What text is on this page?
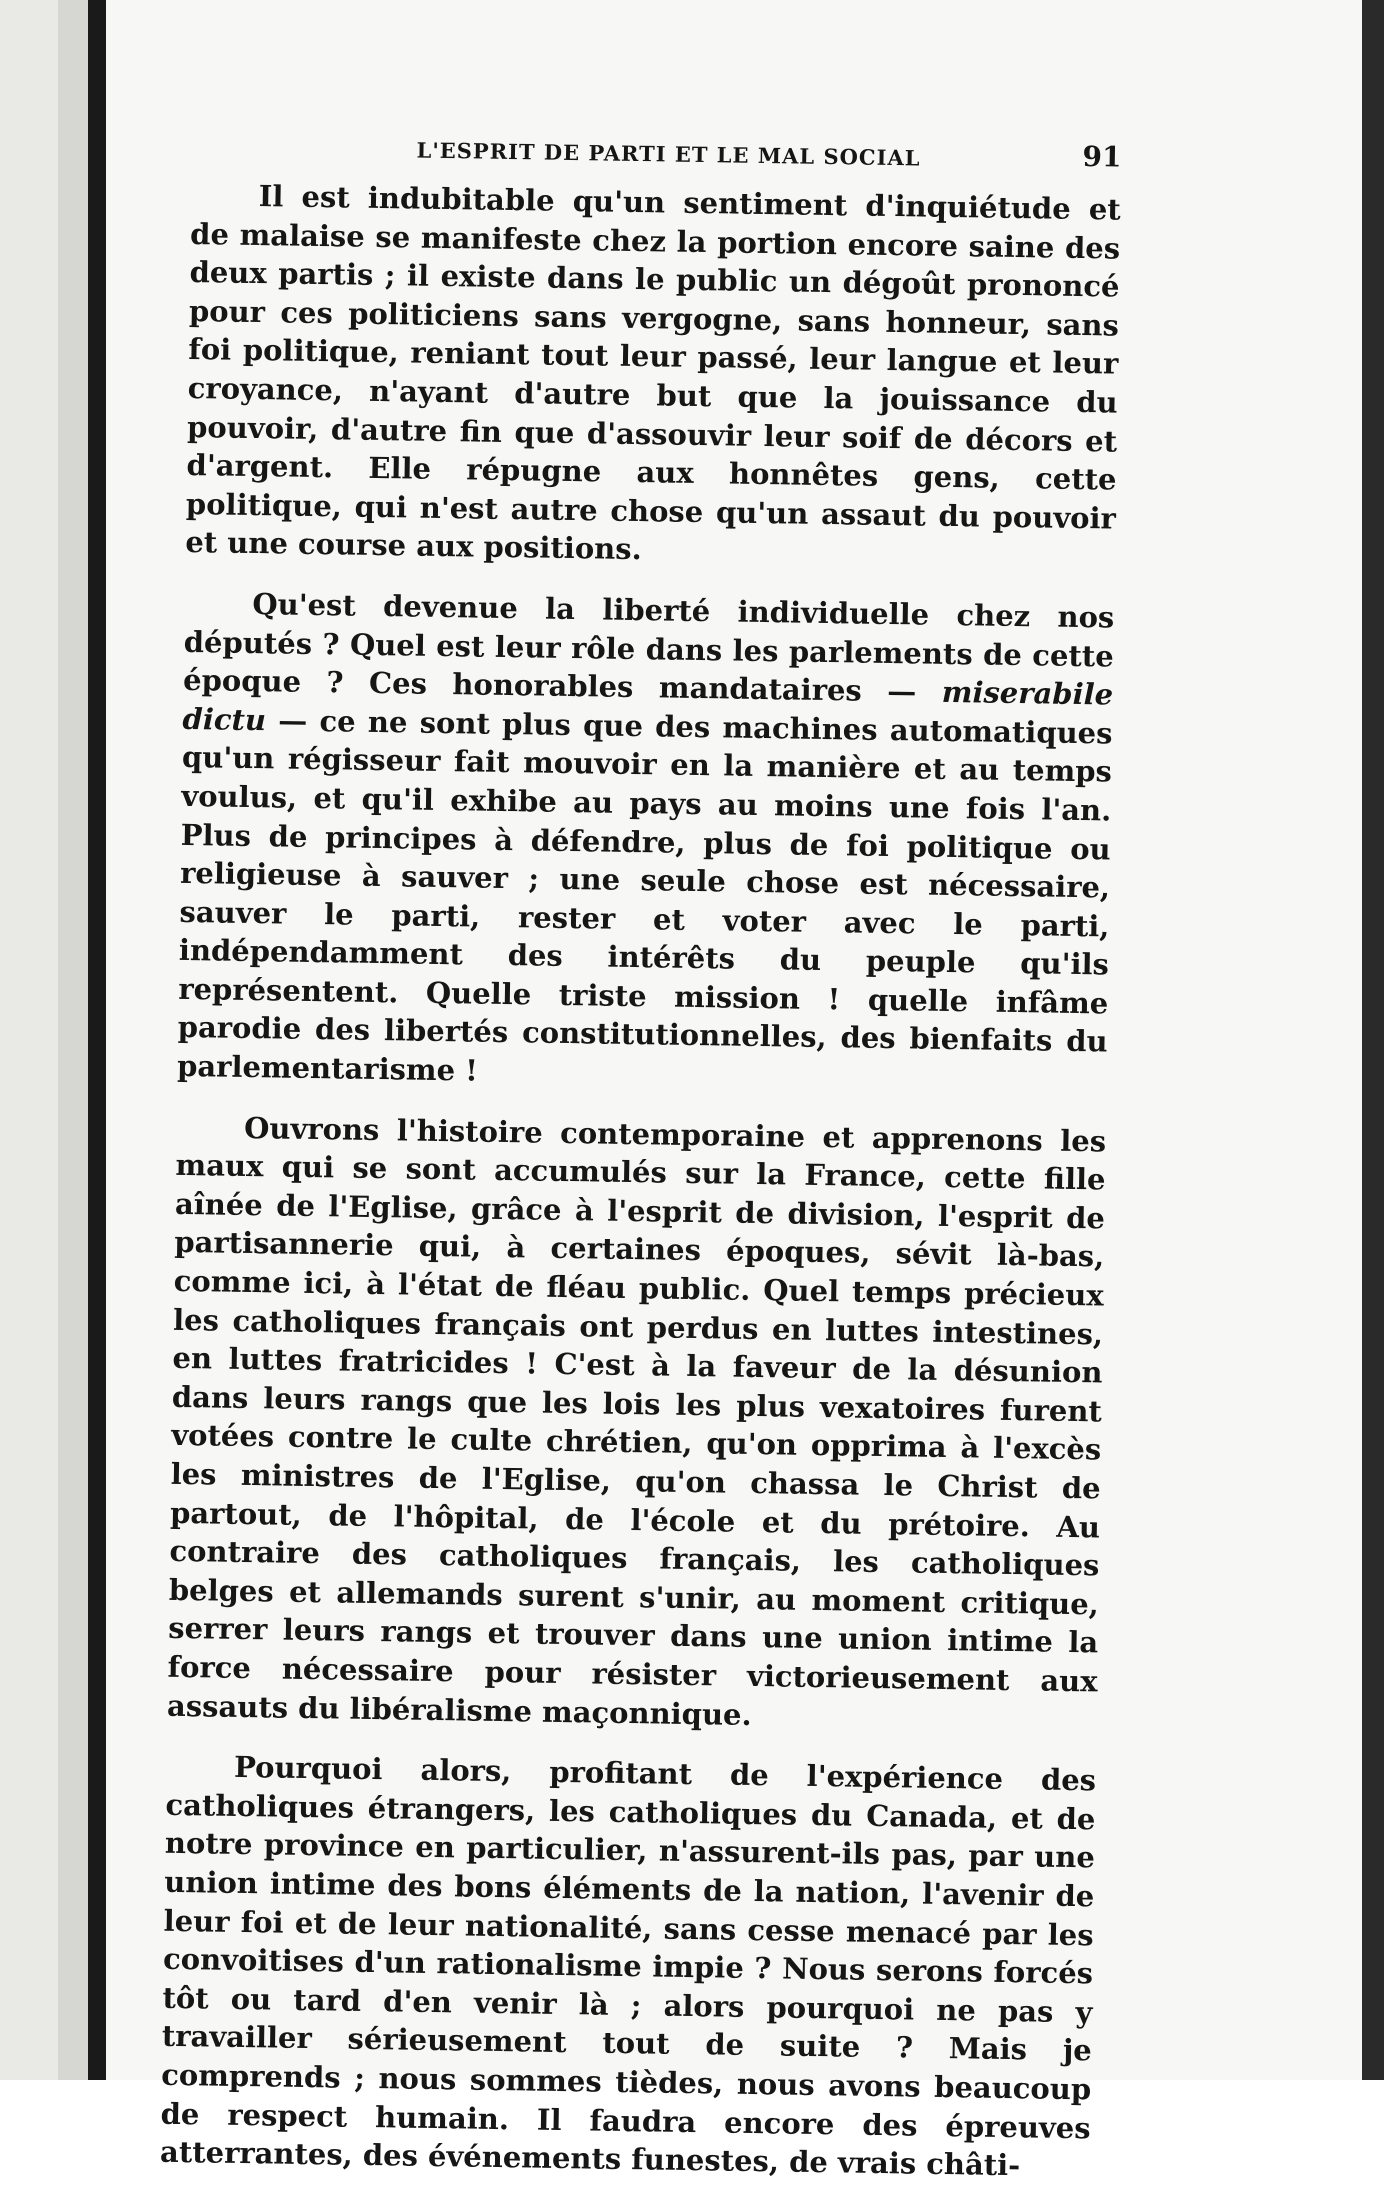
L'ESPRIT DE PARTI ET LE MAL SOCIAL	91

Il est indubitable qu'un sentiment d'inquiétude et de malaise se manifeste chez la portion encore saine des deux partis ; il existe dans le public un dégoût prononcé pour ces politiciens sans vergogne, sans honneur, sans foi politique, reniant tout leur passé, leur langue et leur croyance, n'ayant d'autre but que la jouissance du pouvoir, d'autre fin que d'assouvir leur soif de décors et d'argent. Elle répugne aux honnêtes gens, cette politique, qui n'est autre chose qu'un assaut du pouvoir et une course aux positions.

Qu'est devenue la liberté individuelle chez nos députés ? Quel est leur rôle dans les parlements de cette époque ? Ces honorables mandataires — miserabile dictu — ce ne sont plus que des machines automatiques qu'un régisseur fait mouvoir en la manière et au temps voulus, et qu'il exhibe au pays au moins une fois l'an. Plus de principes à défendre, plus de foi politique ou religieuse à sauver ; une seule chose est nécessaire, sauver le parti, rester et voter avec le parti, indépendamment des intérêts du peuple qu'ils représentent. Quelle triste mission ! quelle infâme parodie des libertés constitutionnelles, des bienfaits du parlementarisme !

Ouvrons l'histoire contemporaine et apprenons les maux qui se sont accumulés sur la France, cette fille aînée de l'Eglise, grâce à l'esprit de division, l'esprit de partisannerie qui, à certaines époques, sévit là-bas, comme ici, à l'état de fléau public. Quel temps précieux les catholiques français ont perdus en luttes intestines, en luttes fratricides ! C'est à la faveur de la désunion dans leurs rangs que les lois les plus vexatoires furent votées contre le culte chrétien, qu'on opprima à l'excès les ministres de l'Eglise, qu'on chassa le Christ de partout, de l'hôpital, de l'école et du prétoire. Au contraire des catholiques français, les catholiques belges et allemands surent s'unir, au moment critique, serrer leurs rangs et trouver dans une union intime la force nécessaire pour résister victorieusement aux assauts du libéralisme maçonnique.

Pourquoi alors, profitant de l'expérience des catholiques étrangers, les catholiques du Canada, et de notre province en particulier, n'assurent-ils pas, par une union intime des bons éléments de la nation, l'avenir de leur foi et de leur nationalité, sans cesse menacé par les convoitises d'un rationalisme impie ? Nous serons forcés tôt ou tard d'en venir là ; alors pourquoi ne pas y travailler sérieusement tout de suite ? Mais je comprends ; nous sommes tièdes, nous avons beaucoup de respect humain. Il faudra encore des épreuves atterrantes, des événements funestes, de vrais châti-
